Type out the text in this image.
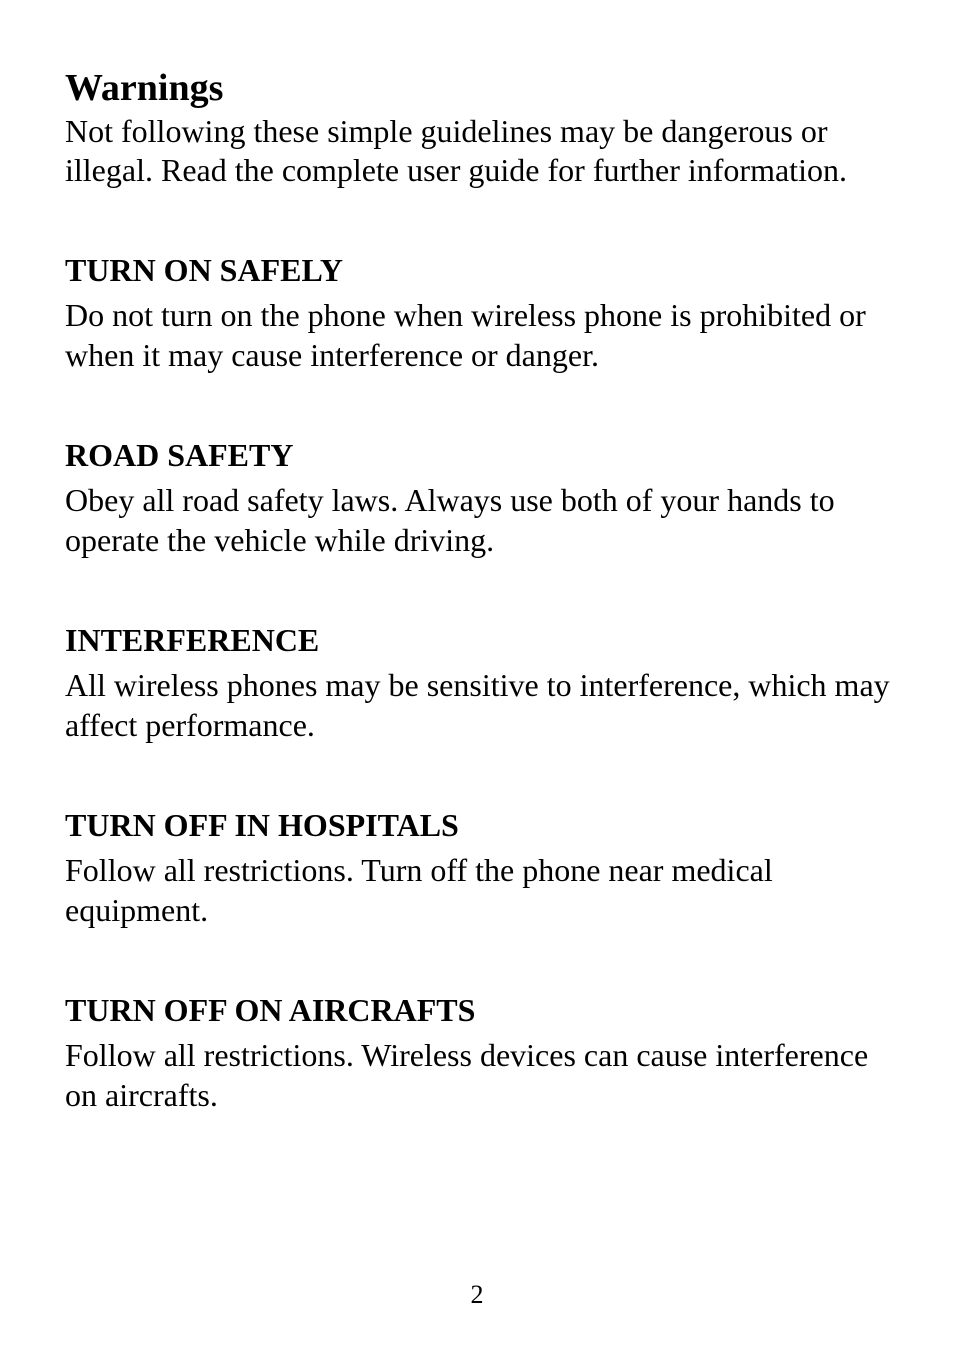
Warnings

Not following these simple guidelines may be dangerous or illegal. Read the complete user guide for further information.

TURN ON SAFELY

Do not turn on the phone when wireless phone is prohibited or when it may cause interference or danger.

ROAD SAFETY

Obey all road safety laws. Always use both of your hands to operate the vehicle while driving.

INTERFERENCE

All wireless phones may be sensitive to interference, which may affect performance.

TURN OFF IN HOSPITALS

Follow all restrictions. Turn off the phone near medical equipment.

TURN OFF ON AIRCRAFTS

Follow all restrictions. Wireless devices can cause interference on aircrafts.

2
